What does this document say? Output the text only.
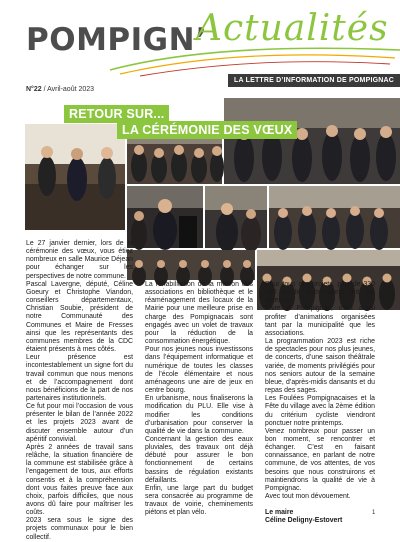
POMPIGN’
Actualités
LA LETTRE D’INFORMATION DE POMPIGNAC
N°22 / Avril-août 2023
RETOUR SUR...
LA CÉRÉMONIE DES VŒUX

Le 27 janvier dernier, lors de la cérémonie des vœux, vous étiez nombreux en salle Maurice Déjean pour échanger sur les perspectives de notre commune.

Pascal Lavergne, député, Céline Goeury et Christophe Viandon, conseillers départementaux, Christian Soubie, président de notre Communauté des Communes et Maire de Fresses ainsi que les représentants des communes membres de la CDC étaient présents à mes côtés.

Leur présence est incontestablement un signe fort du travail commun que nous menons et de l’accompagnement dont nous bénéficions de la part de nos partenaires institutionnels.

Ce fut pour moi l’occasion de vous présenter le bilan de l’année 2022 et les projets 2023 avant de discuter ensemble autour d’un apéritif convivial.

Après 2 années de travail sans relâche, la situation financière de la commune est stabilisée grâce à l’engagement de tous, aux efforts consentis et à la compréhension dont vous faites preuve face aux choix, parfois difficiles, que nous avons dû faire pour maîtriser les coûts.

2023 sera sous le signe des projets communaux pour le bien collectif.

La réhabilitation de la maison des associations en bibliothèque et le réaménagement des locaux de la Mairie pour une meilleure prise en charge des Pompignacais sont engagés avec un volet de travaux pour la réduction de la consommation énergétique.

Pour nos jeunes nous investissons dans l’équipement informatique et numérique de toutes les classes de l’école élémentaire et nous aménageons une aire de jeux en centre bourg.

En urbanisme, nous finaliserons la modification du PLU. Elle vise à modifier les conditions d’urbanisation pour conserver la qualité de vie dans la commune.

Concernant la gestion des eaux pluviales, des travaux ont déjà débuté pour assurer le bon fonctionnement de certains bassins de régulation existants défaillants.

Enfin, une large part du budget sera consacrée au programme de travaux de voirie, cheminements piétons et plan vélo.

Pour tous ces projets, plus de 330 000 € de subventions ont été obtenus.

Vivre à Pompignac, c’est aussi profiter d’animations organisées tant par la municipalité que les associations.

La programmation 2023 est riche de spectacles pour nos plus jeunes, de concerts, d’une saison théâtrale variée, de moments privilégiés pour nos seniors autour de la semaine bleue, d’après-midis dansants et du repas des sages.

Les Foulées Pompignacaises et la Fête du village avec la 2ème édition du critérium cycliste viendront ponctuer notre printemps.

Venez nombreux pour passer un bon moment, se rencontrer et échanger. C’est en faisant connaissance, en parlant de notre commune, de vos attentes, de vos besoins que nous construirons et maintiendrons la qualité de vie à Pompignac.

Avec tout mon dévouement.

Le maire
Céline Deligny-Estovert

1
